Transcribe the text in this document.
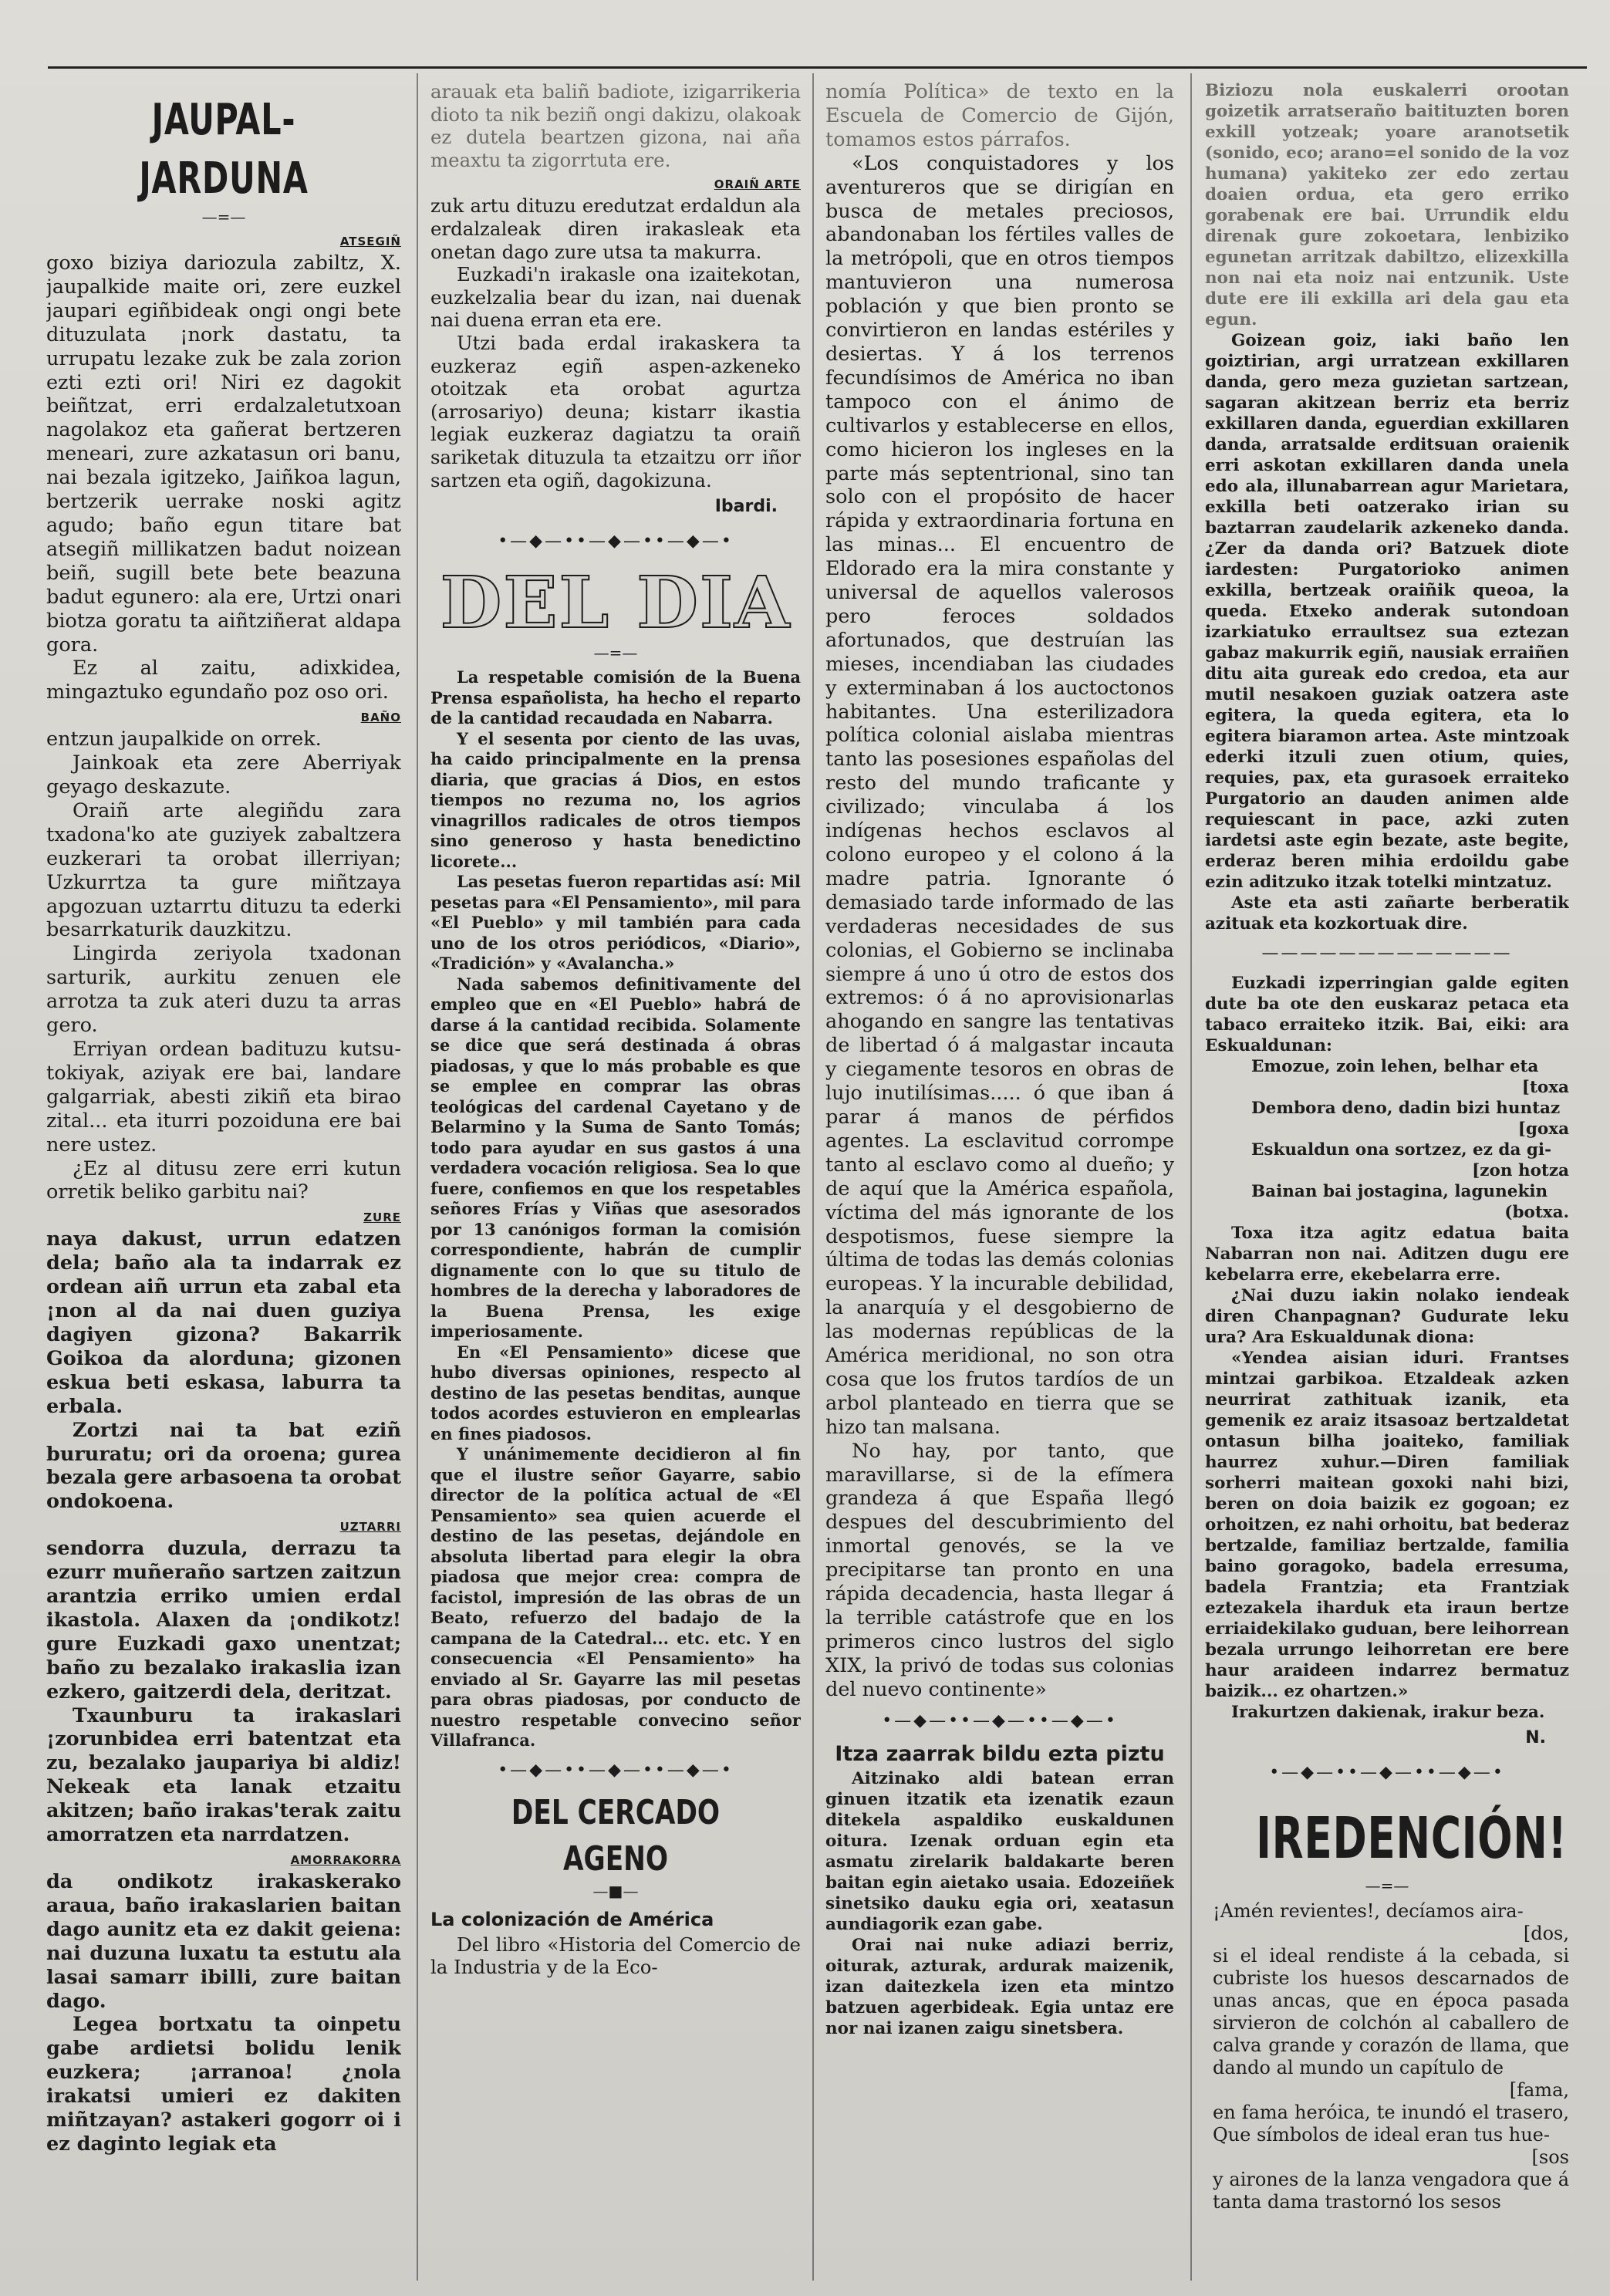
JAUPAL-JARDUNA
—=—
ATSEGIÑ

goxo biziya dariozula zabiltz, X. jaupalkide maite ori, zere euzkel jaupari egiñbideak ongi ongi bete dituzulata ¡nork dastatu, ta urrupatu lezake zuk be zala zorion ezti ezti ori! Niri ez dagokit beiñtzat, erri erdalzaletutxoan nagolakoz eta gañerat bertzeren meneari, zure azkatasun ori banu, nai bezala igitzeko, Jaiñkoa lagun, bertzerik uerrake noski agitz agudo; baño egun titare bat atsegiñ millikatzen badut noizean beiñ, sugill bete bete beazuna badut egunero: ala ere, Urtzi onari biotza goratu ta aiñtziñerat aldapa gora.

Ez al zaitu, adixkidea, mingaztuko egundaño poz oso ori.

BAÑO

entzun jaupalkide on orrek.

Jainkoak eta zere Aberriyak geyago deskazute.

Oraiñ arte alegiñdu zara txadona'ko ate guziyek zabaltzera euzkerari ta orobat illerriyan; Uzkurrtza ta gure miñtzaya apgozuan uztarrtu dituzu ta ederki besarrkaturik dauzkitzu.

Lingirda zeriyola txadonan sarturik, aurkitu zenuen ele arrotza ta zuk ateri duzu ta arras gero.

Erriyan ordean badituzu kutsu-tokiyak, aziyak ere bai, landare galgarriak, abesti zikiñ eta birao zital... eta iturri pozoiduna ere bai nere ustez.

¿Ez al ditusu zere erri kutun orretik beliko garbitu nai?

ZURE

naya dakust, urrun edatzen dela; baño ala ta indarrak ez ordean aiñ urrun eta zabal eta ¡non al da nai duen guziya dagiyen gizona? Bakarrik Goikoa da alorduna; gizonen eskua beti eskasa, laburra ta erbala.

Zortzi nai ta bat eziñ bururatu; ori da oroena; gurea bezala gere arbasoena ta orobat ondokoena.

UZTARRI

sendorra duzula, derrazu ta ezurr muñeraño sartzen zaitzun arantzia erriko umien erdal ikastola. Alaxen da ¡ondikotz! gure Euzkadi gaxo unentzat; baño zu bezalako irakaslia izan ezkero, gaitzerdi dela, deritzat.

Txaunburu ta irakaslari ¡zorunbidea erri batentzat eta zu, bezalako jaupariya bi aldiz! Nekeak eta lanak etzaitu akitzen; baño irakas'terak zaitu amorratzen eta narrdatzen.

AMORRAKORRA

da ondikotz irakaskerako araua, baño irakaslarien baitan dago aunitz eta ez dakit geiena: nai duzuna luxatu ta estutu ala lasai samarr ibilli, zure baitan dago.

Legea bortxatu ta oinpetu gabe ardietsi bolidu lenik euzkera; ¡arranoa! ¿nola irakatsi umieri ez dakiten miñtzayan? astakeri gogorr oi i ez daginto legiak eta

arauak eta baliñ badiote, izigarrikeria dioto ta nik beziñ ongi dakizu, olakoak ez dutela beartzen gizona, nai aña meaxtu ta zigorrtuta ere.

ORAIÑ ARTE

zuk artu dituzu eredutzat erdaldun ala erdalzaleak diren irakasleak eta onetan dago zure utsa ta makurra.

Euzkadi'n irakasle ona izaitekotan, euzkelzalia bear du izan, nai duenak nai duena erran eta ere.

Utzi bada erdal irakaskera ta euzkeraz egiñ aspen-azkeneko otoitzak eta orobat agurtza (arrosariyo) deuna; kistarr ikastia legiak euzkeraz dagiatzu ta oraiñ sariketak dituzula ta etzaitzu orr iñor sartzen eta ogiñ, dagokizuna.

Ibardi.
•—◆—••—◆—••—◆—•
DEL DIA
—=—

La respetable comisión de la Buena Prensa españolista, ha hecho el reparto de la cantidad recaudada en Nabarra.

Y el sesenta por ciento de las uvas, ha caido principalmente en la prensa diaria, que gracias á Dios, en estos tiempos no rezuma no, los agrios vinagrillos radicales de otros tiempos sino generoso y hasta benedictino licorete...

Las pesetas fueron repartidas así: Mil pesetas para «El Pensamiento», mil para «El Pueblo» y mil también para cada uno de los otros periódicos, «Diario», «Tradición» y «Avalancha.»

Nada sabemos definitivamente del empleo que en «El Pueblo» habrá de darse á la cantidad recibida. Solamente se dice que será destinada á obras piadosas, y que lo más probable es que se emplee en comprar las obras teológicas del cardenal Cayetano y de Belarmino y la Suma de Santo Tomás; todo para ayudar en sus gastos á una verdadera vocación religiosa. Sea lo que fuere, confiemos en que los respetables señores Frías y Viñas que asesorados por 13 canónigos forman la comisión correspondiente, habrán de cumplir dignamente con lo que su titulo de hombres de la derecha y laboradores de la Buena Prensa, les exige imperiosamente.

En «El Pensamiento» dicese que hubo diversas opiniones, respecto al destino de las pesetas benditas, aunque todos acordes estuvieron en emplearlas en fines piadosos.

Y unánimemente decidieron al fin que el ilustre señor Gayarre, sabio director de la política actual de «El Pensamiento» sea quien acuerde el destino de las pesetas, dejándole en absoluta libertad para elegir la obra piadosa que mejor crea: compra de facistol, impresión de las obras de un Beato, refuerzo del badajo de la campana de la Catedral... etc. etc. Y en consecuencia «El Pensamiento» ha enviado al Sr. Gayarre las mil pesetas para obras piadosas, por conducto de nuestro respetable convecino señor Villafranca.

•—◆—••—◆—••—◆—•
DEL CERCADO AGENO
—■—
La colonización de América

Del libro «Historia del Comercio de la Industria y de la Eco-

nomía Política» de texto en la Escuela de Comercio de Gijón, tomamos estos párrafos.

«Los conquistadores y los aventureros que se dirigían en busca de metales preciosos, abandonaban los fértiles valles de la metrópoli, que en otros tiempos mantuvieron una numerosa población y que bien pronto se convirtieron en landas estériles y desiertas. Y á los terrenos fecundísimos de América no iban tampoco con el ánimo de cultivarlos y establecerse en ellos, como hicieron los ingleses en la parte más septentrional, sino tan solo con el propósito de hacer rápida y extraordinaria fortuna en las minas... El encuentro de Eldorado era la mira constante y universal de aquellos valerosos pero feroces soldados afortunados, que destruían las mieses, incendiaban las ciudades y exterminaban á los auctoctonos habitantes. Una esterilizadora política colonial aislaba mientras tanto las posesiones españolas del resto del mundo traficante y civilizado; vinculaba á los indígenas hechos esclavos al colono europeo y el colono á la madre patria. Ignorante ó demasiado tarde informado de las verdaderas necesidades de sus colonias, el Gobierno se inclinaba siempre á uno ú otro de estos dos extremos: ó á no aprovisionarlas ahogando en sangre las tentativas de libertad ó á malgastar incauta y ciegamente tesoros en obras de lujo inutilísimas..... ó que iban á parar á manos de pérfidos agentes. La esclavitud corrompe tanto al esclavo como al dueño; y de aquí que la América española, víctima del más ignorante de los despotismos, fuese siempre la última de todas las demás colonias europeas. Y la incurable debilidad, la anarquía y el desgobierno de las modernas repúblicas de la América meridional, no son otra cosa que los frutos tardíos de un arbol planteado en tierra que se hizo tan malsana.

No hay, por tanto, que maravillarse, si de la efímera grandeza á que España llegó despues del descubrimiento del inmortal genovés, se la ve precipitarse tan pronto en una rápida decadencia, hasta llegar á la terrible catástrofe que en los primeros cinco lustros del siglo XIX, la privó de todas sus colonias del nuevo continente»

•—◆—••—◆—••—◆—•
Itza zaarrak bildu ezta piztu

Aitzinako aldi batean erran ginuen itzatik eta izenatik ezaun ditekela aspaldiko euskaldunen oitura. Izenak orduan egin eta asmatu zirelarik baldakarte beren baitan egin aietako usaia. Edozeiñek sinetsiko dauku egia ori, xeatasun aundiagorik ezan gabe.

Orai nai nuke adiazi berriz, oiturak, azturak, ardurak maizenik, izan daitezkela izen eta mintzo batzuen agerbideak. Egia untaz ere nor nai izanen zaigu sinetsbera.

Biziozu nola euskalerri orootan goizetik arratseraño baitituzten boren exkill yotzeak; yoare aranotsetik (sonido, eco; arano=el sonido de la voz humana) yakiteko zer edo zertau doaien ordua, eta gero erriko gorabenak ere bai. Urrundik eldu direnak gure zokoetara, lenbiziko egunetan arritzak dabiltzo, elizexkilla non nai eta noiz nai entzunik. Uste dute ere ili exkilla ari dela gau eta egun.

Goizean goiz, iaki baño len goiztirian, argi urratzean exkillaren danda, gero meza guzietan sartzean, sagaran akitzean berriz eta berriz exkillaren danda, eguerdian exkillaren danda, arratsalde erditsuan oraienik erri askotan exkillaren danda unela edo ala, illunabarrean agur Marietara, exkilla beti oatzerako irian su baztarran zaudelarik azkeneko danda. ¿Zer da danda ori? Batzuek diote iardesten: Purgatorioko animen exkilla, bertzeak oraiñik queoa, la queda. Etxeko anderak sutondoan izarkiatuko erraultsez sua eztezan gabaz makurrik egiñ, nausiak erraiñen ditu aita gureak edo credoa, eta aur mutil nesakoen guziak oatzera aste egitera, la queda egitera, eta lo egitera biaramon artea. Aste mintzoak ederki itzuli zuen otium, quies, requies, pax, eta gurasoek erraiteko Purgatorio an dauden animen alde requiescant in pace, azki zuten iardetsi aste egin bezate, aste begite, erderaz beren mihia erdoildu gabe ezin aditzuko itzak totelki mintzatuz.

Aste eta asti zañarte berberatik azituak eta kozkortuak dire.

—————————————

Euzkadi izperringian galde egiten dute ba ote den euskaraz petaca eta tabaco erraiteko itzik. Bai, eiki: ara Eskualdunan:

Emozue, zoin lehen, belhar eta

[toxa

Dembora deno, dadin bizi huntaz

[goxa

Eskualdun ona sortzez, ez da gi-

[zon hotza

Bainan bai jostagina, lagunekin

(botxa.

Toxa itza agitz edatua baita Nabarran non nai. Aditzen dugu ere kebelarra erre, ekebelarra erre.

¿Nai duzu iakin nolako iendeak diren Chanpagnan? Gudurate leku ura? Ara Eskualdunak diona:

«Yendea aisian iduri. Frantses mintzai garbikoa. Etzaldeak azken neurrirat zathituak izanik, eta gemenik ez araiz itsasoaz bertzaldetat ontasun bilha joaiteko, familiak haurrez xuhur.—Diren familiak sorherri maitean goxoki nahi bizi, beren on doia baizik ez gogoan; ez orhoitzen, ez nahi orhoitu, bat bederaz bertzalde, familiaz bertzalde, familia baino goragoko, badela erresuma, badela Frantzia; eta Frantziak eztezakela iharduk eta iraun bertze erriaidekilako guduan, bere leihorrean bezala urrungo leihorretan ere bere haur araideen indarrez bermatuz baizik... ez ohartzen.»

Irakurtzen dakienak, irakur beza.

N.
•—◆—••—◆—••—◆—•
IREDENCIÓN!
—=—

¡Amén revientes!, decíamos aira-

[dos,

si el ideal rendiste á la cebada, si cubriste los huesos descarnados de unas ancas, que en época pasada sirvieron de colchón al caballero de calva grande y corazón de llama, que dando al mundo un capítulo de

[fama,

en fama heróica, te inundó el trasero, Que símbolos de ideal eran tus hue-

[sos

y airones de la lanza vengadora que á tanta dama trastornó los sesos
